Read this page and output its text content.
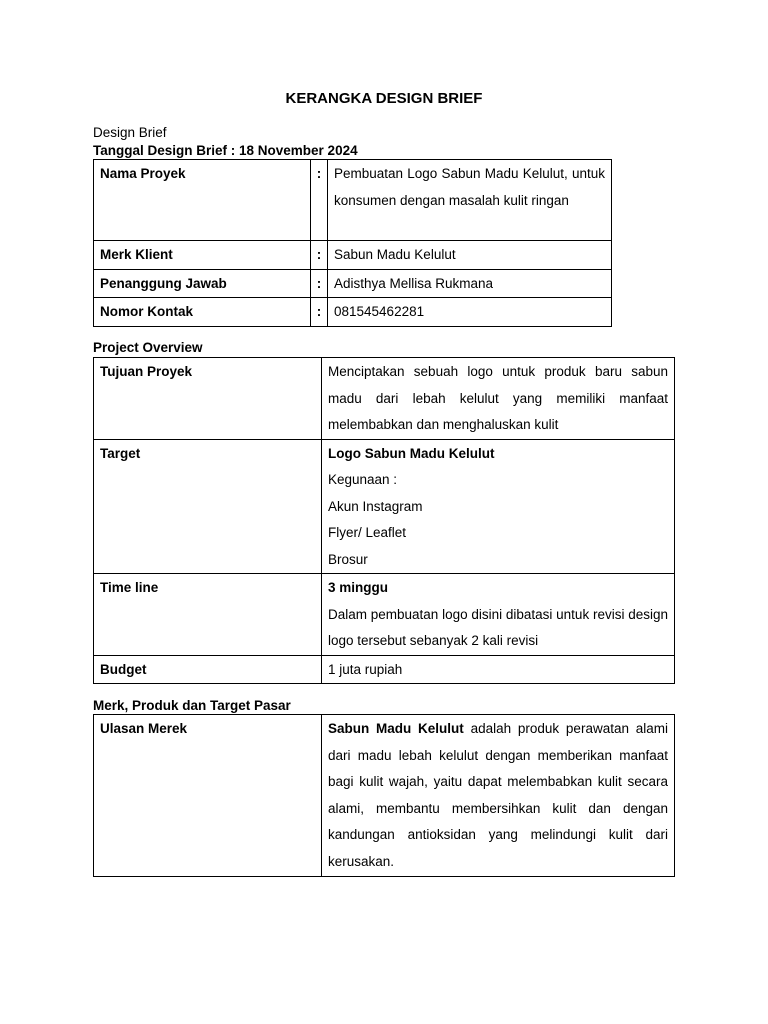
KERANGKA DESIGN BRIEF
Design Brief
Tanggal Design Brief : 18 November 2024
Nama Proyek	:	Pembuatan Logo Sabun Madu Kelulut, untuk konsumen dengan masalah kulit ringan
Merk Klient	:	Sabun Madu Kelulut
Penanggung Jawab	:	Adisthya Mellisa Rukmana
Nomor Kontak	:	081545462281
Project Overview
Tujuan Proyek	Menciptakan sebuah logo untuk produk baru sabun madu dari lebah kelulut yang memiliki manfaat melembabkan dan menghaluskan kulit
Target	Logo Sabun Madu Kelulut
Kegunaan :
Akun Instagram
Flyer/ Leaflet
Brosur

Time line	3 minggu
Dalam pembuatan logo disini dibatasi untuk revisi design logo tersebut sebanyak 2 kali revisi

Budget	1 juta rupiah
Merk, Produk dan Target Pasar
Ulasan Merek	Sabun Madu Kelulut adalah produk perawatan alami dari madu lebah kelulut dengan memberikan manfaat bagi kulit wajah, yaitu dapat melembabkan kulit secara alami, membantu membersihkan kulit dan dengan kandungan antioksidan yang melindungi kulit dari kerusakan.
